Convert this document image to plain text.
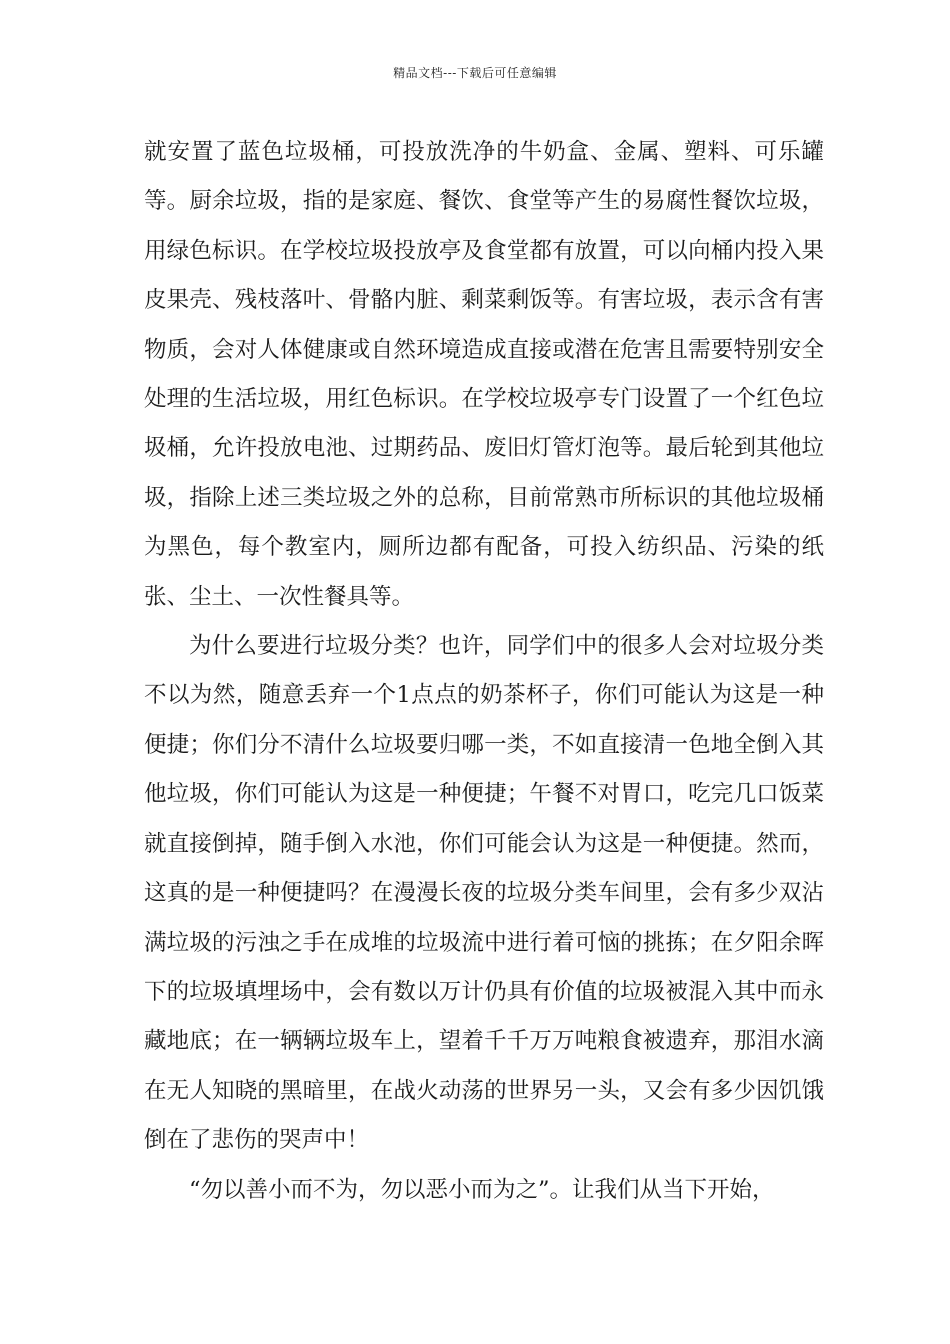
精品文档---下载后可任意编辑

就安置了蓝色垃圾桶，可投放洗净的牛奶盒、金属、塑料、可乐罐等。厨余垃圾，指的是家庭、餐饮、食堂等产生的易腐性餐饮垃圾，用绿色标识。在学校垃圾投放亭及食堂都有放置，可以向桶内投入果皮果壳、残枝落叶、骨骼内脏、剩菜剩饭等。有害垃圾，表示含有害物质，会对人体健康或自然环境造成直接或潜在危害且需要特别安全处理的生活垃圾，用红色标识。在学校垃圾亭专门设置了一个红色垃圾桶，允许投放电池、过期药品、废旧灯管灯泡等。最后轮到其他垃圾，指除上述三类垃圾之外的总称，目前常熟市所标识的其他垃圾桶为黑色，每个教室内，厕所边都有配备，可投入纺织品、污染的纸张、尘土、一次性餐具等。

为什么要进行垃圾分类？也许，同学们中的很多人会对垃圾分类不以为然，随意丢弃一个1点点的奶茶杯子，你们可能认为这是一种便捷；你们分不清什么垃圾要归哪一类，不如直接清一色地全倒入其他垃圾，你们可能认为这是一种便捷；午餐不对胃口，吃完几口饭菜就直接倒掉，随手倒入水池，你们可能会认为这是一种便捷。然而，这真的是一种便捷吗？在漫漫长夜的垃圾分类车间里，会有多少双沾满垃圾的污浊之手在成堆的垃圾流中进行着可恼的挑拣；在夕阳余晖下的垃圾填埋场中，会有数以万计仍具有价值的垃圾被混入其中而永藏地底；在一辆辆垃圾车上，望着千千万万吨粮食被遗弃，那泪水滴在无人知晓的黑暗里，在战火动荡的世界另一头，又会有多少因饥饿倒在了悲伤的哭声中！

“勿以善小而不为，勿以恶小而为之”。让我们从当下开始，
